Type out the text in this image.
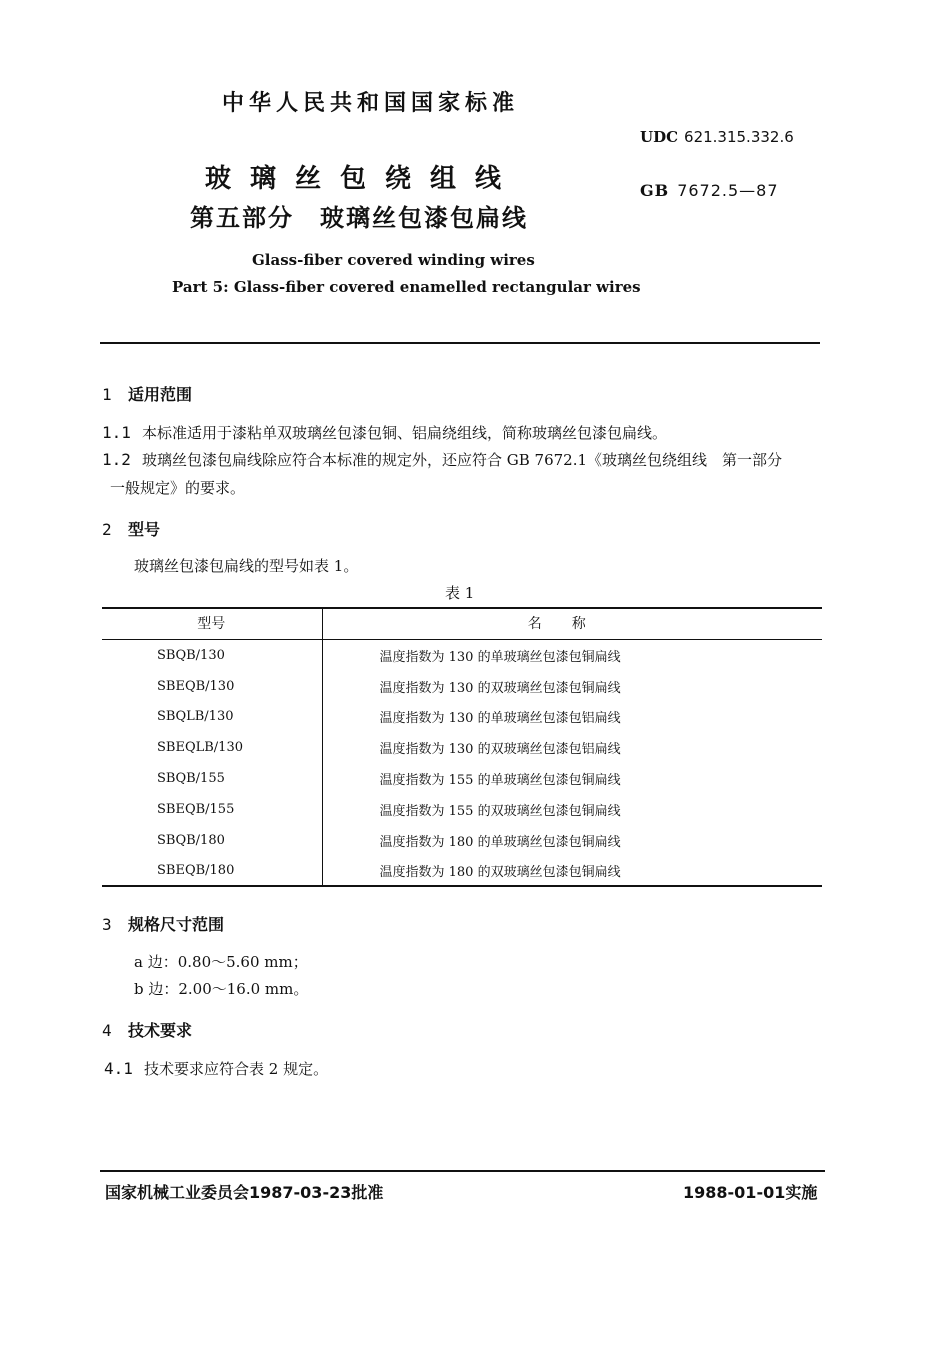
中华人民共和国国家标准
UDC 621.315.332.6
GB 7672.5—87
玻璃丝包绕组线
第五部分　玻璃丝包漆包扁线
Glass-fiber covered winding wires
Part 5: Glass-fiber covered enamelled rectangular wires
1 适用范围
1.1 本标准适用于漆粘单双玻璃丝包漆包铜、铝扁绕组线，简称玻璃丝包漆包扁线。
1.2 玻璃丝包漆包扁线除应符合本标准的规定外，还应符合 GB 7672.1《玻璃丝包绕组线　第一部分
一般规定》的要求。
2 型号
玻璃丝包漆包扁线的型号如表 1。
表 1
型号	名称
SBQB/130	温度指数为 130 的单玻璃丝包漆包铜扁线
SBEQB/130	温度指数为 130 的双玻璃丝包漆包铜扁线
SBQLB/130	温度指数为 130 的单玻璃丝包漆包铝扁线
SBEQLB/130	温度指数为 130 的双玻璃丝包漆包铝扁线
SBQB/155	温度指数为 155 的单玻璃丝包漆包铜扁线
SBEQB/155	温度指数为 155 的双玻璃丝包漆包铜扁线
SBQB/180	温度指数为 180 的单玻璃丝包漆包铜扁线
SBEQB/180	温度指数为 180 的双玻璃丝包漆包铜扁线
3 规格尺寸范围
a 边：0.80～5.60 mm；
b 边：2.00～16.0 mm。
4 技术要求
4.1 技术要求应符合表 2 规定。
国家机械工业委员会1987-03-23批准	1988-01-01实施
